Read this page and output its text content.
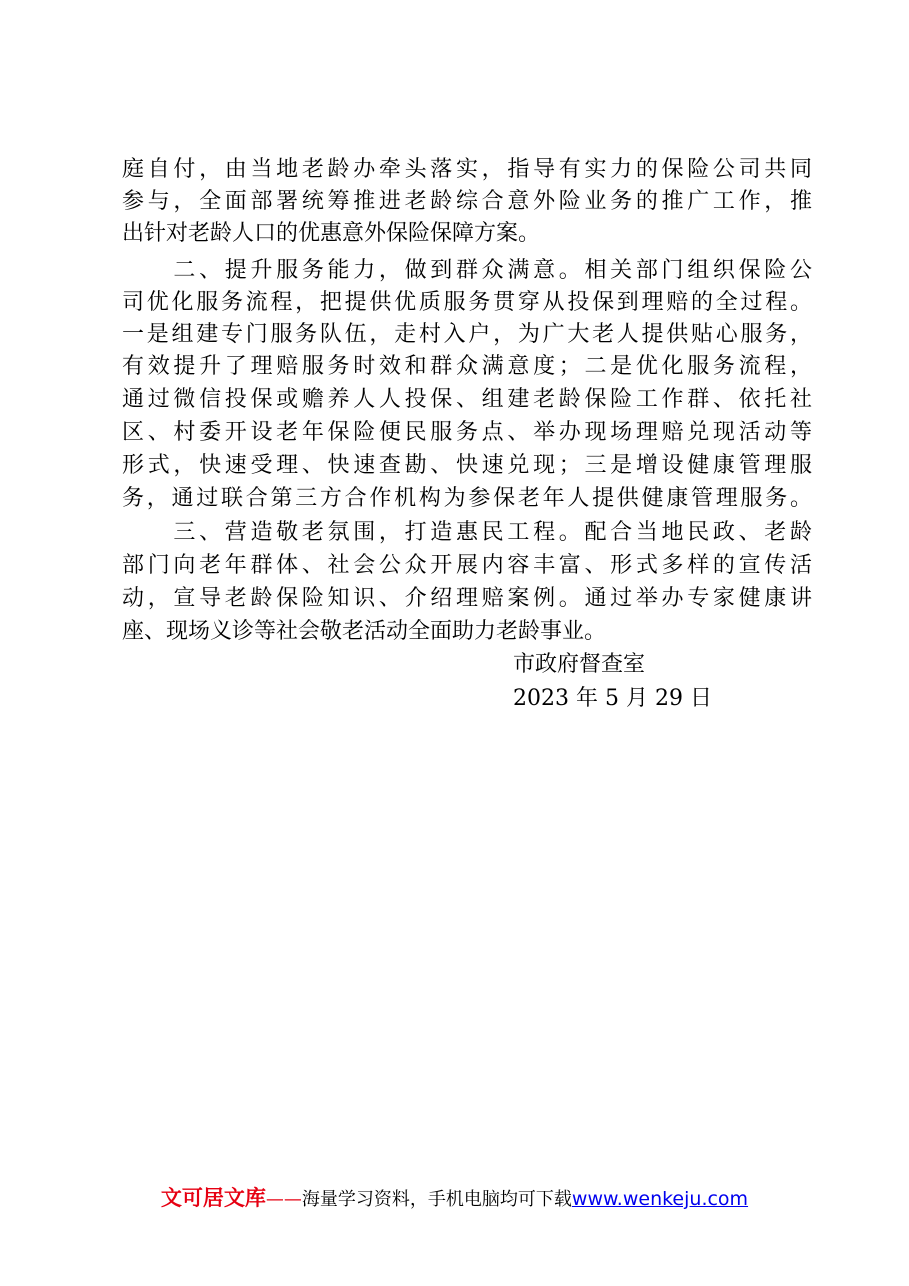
庭自付，由当地老龄办牵头落实，指导有实力的保险公司共同
参与，全面部署统筹推进老龄综合意外险业务的推广工作，推
出针对老龄人口的优惠意外保险保障方案。
　　二、提升服务能力，做到群众满意。相关部门组织保险公
司优化服务流程，把提供优质服务贯穿从投保到理赔的全过程。
一是组建专门服务队伍，走村入户，为广大老人提供贴心服务，
有效提升了理赔服务时效和群众满意度；二是优化服务流程，
通过微信投保或赡养人人投保、组建老龄保险工作群、依托社
区、村委开设老年保险便民服务点、举办现场理赔兑现活动等
形式，快速受理、快速查勘、快速兑现；三是增设健康管理服
务，通过联合第三方合作机构为参保老年人提供健康管理服务。
　　三、营造敬老氛围，打造惠民工程。配合当地民政、老龄
部门向老年群体、社会公众开展内容丰富、形式多样的宣传活
动，宣导老龄保险知识、介绍理赔案例。通过举办专家健康讲
座、现场义诊等社会敬老活动全面助力老龄事业。
市政府督查室
2023 年 5 月 29 日
文可居文库——海量学习资料，手机电脑均可下载www.wenkeju.com
